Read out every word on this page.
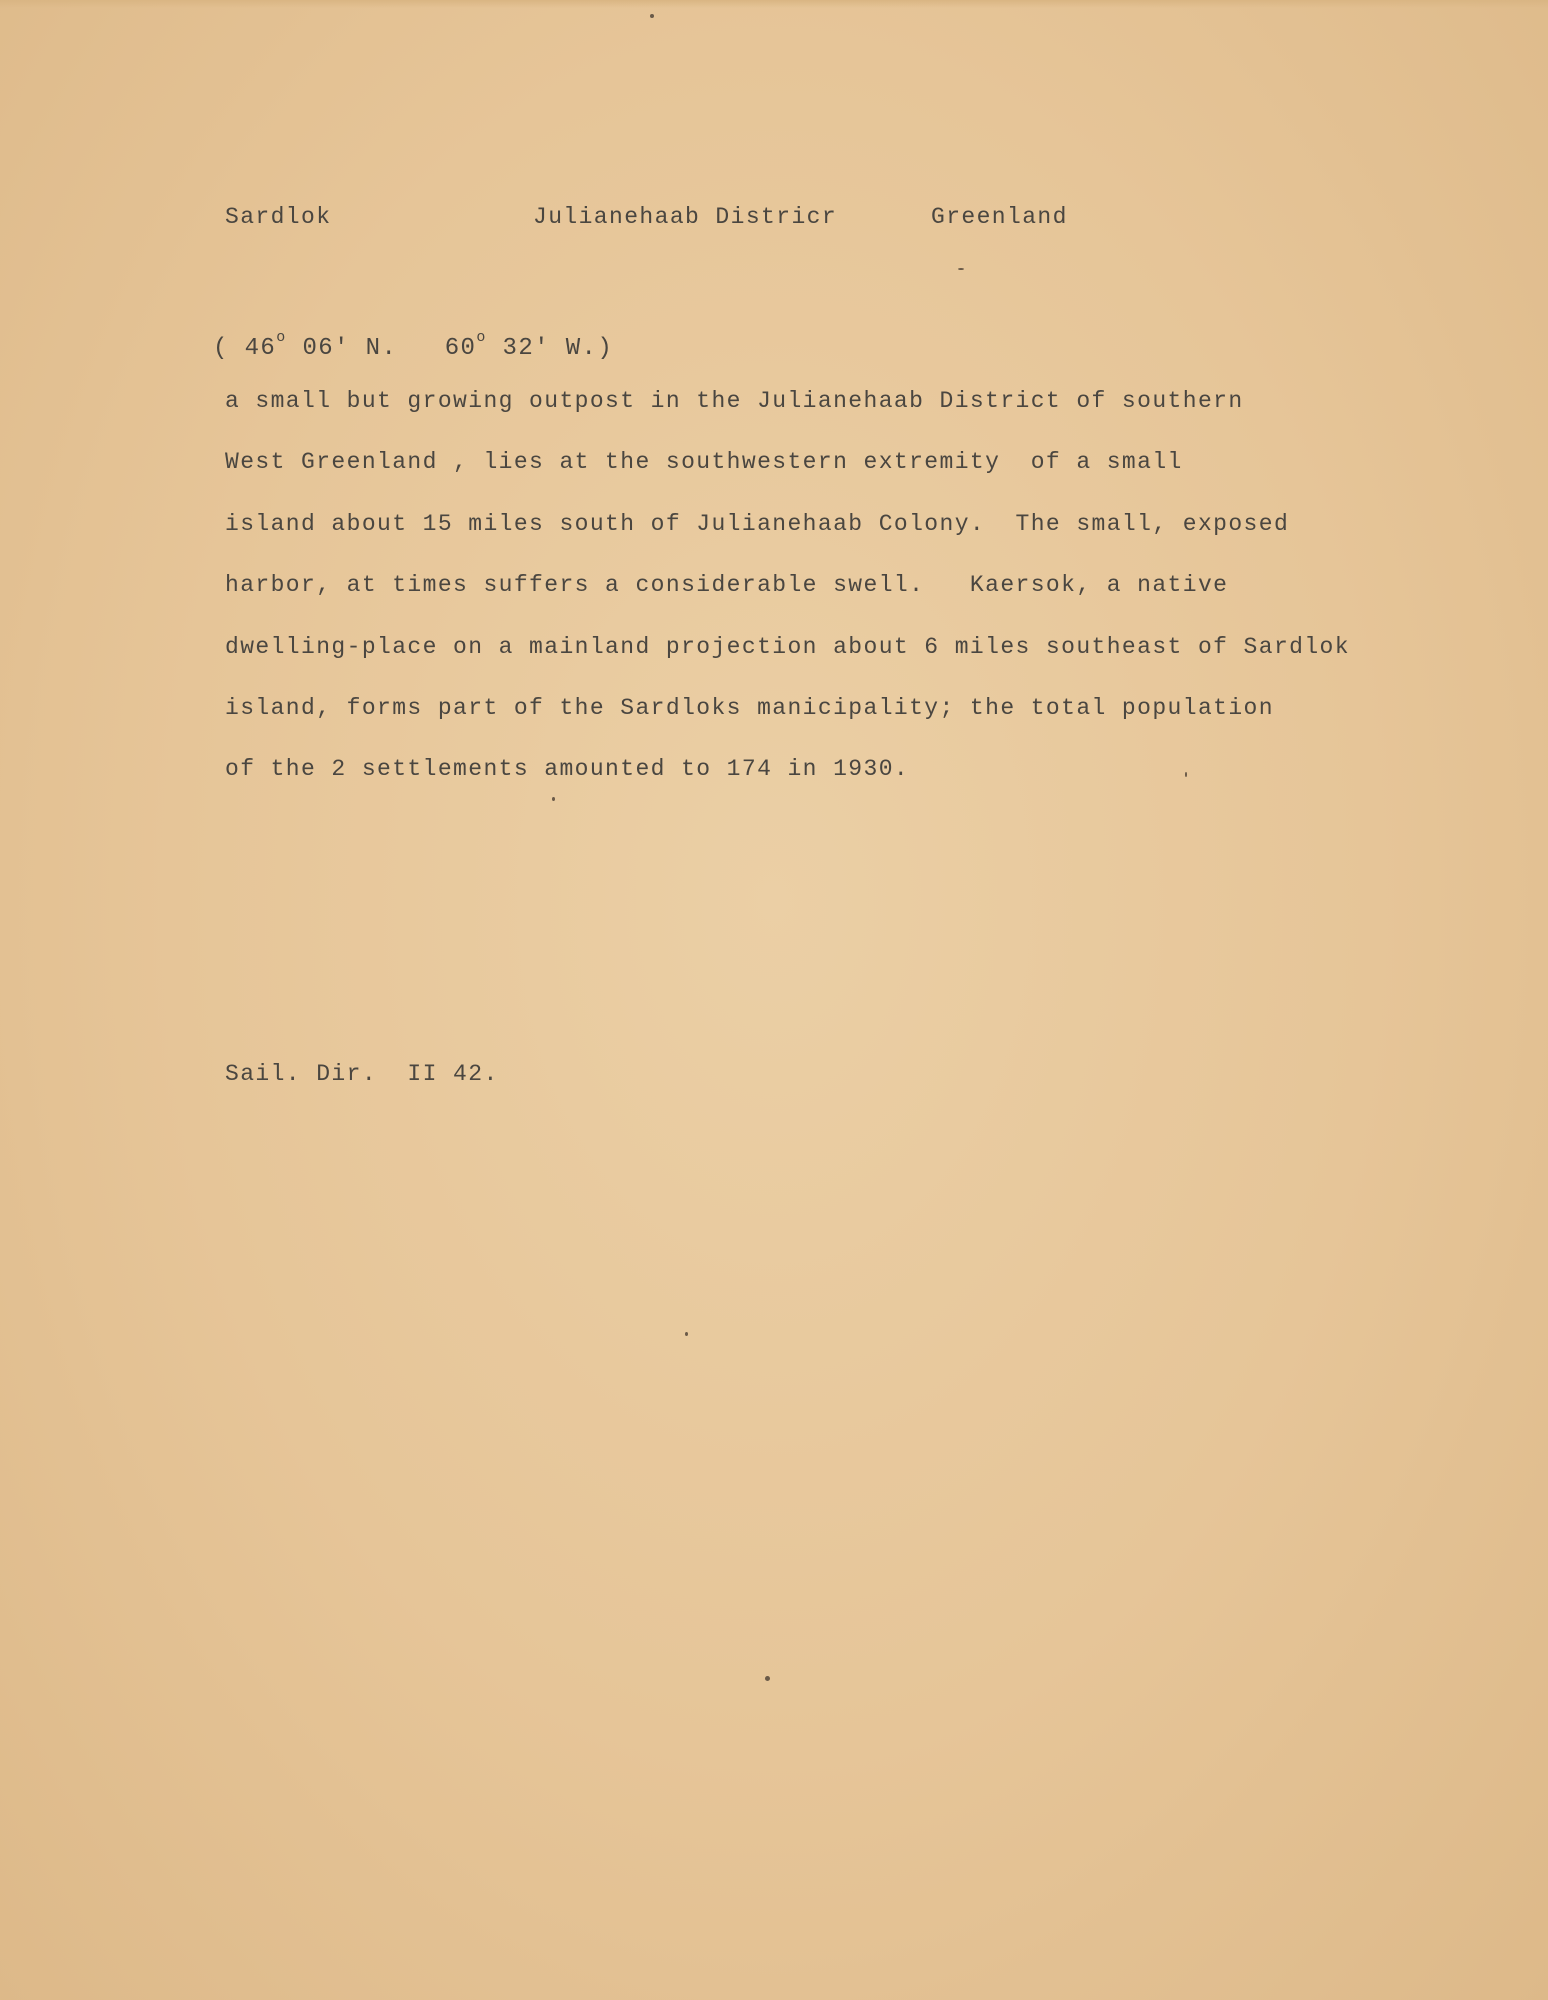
Sardlok	Julianehaab Districr	Greenland
( 46$^o$ 06' N. 60$^o$ 32' W.)
a small but growing outpost in the Julianehaab District of southern
West Greenland , lies at the southwestern extremity  of a small
island about 15 miles south of Julianehaab Colony.  The small, exposed
harbor, at times suffers a considerable swell.   Kaersok, a native
dwelling-place on a mainland projection about 6 miles southeast of Sardlok
island, forms part of the Sardloks manicipality; the total population
of the 2 settlements amounted to 174 in 1930.
Sail. Dir.  II 42.
